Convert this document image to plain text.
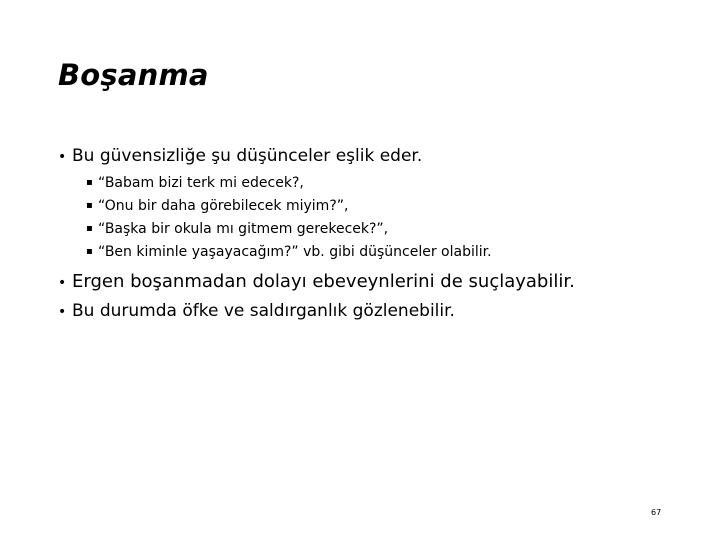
Boşanma
• Bu güvensizliğe şu düşünceler eşlik eder.
▪ “Babam bizi terk mi edecek?,
▪ “Onu bir daha görebilecek miyim?”,
▪ “Başka bir okula mı gitmem gerekecek?”,
▪ “Ben kiminle yaşayacağım?” vb. gibi düşünceler olabilir.
• Ergen boşanmadan dolayı ebeveynlerini de suçlayabilir.
• Bu durumda öfke ve saldırganlık gözlenebilir.
67
